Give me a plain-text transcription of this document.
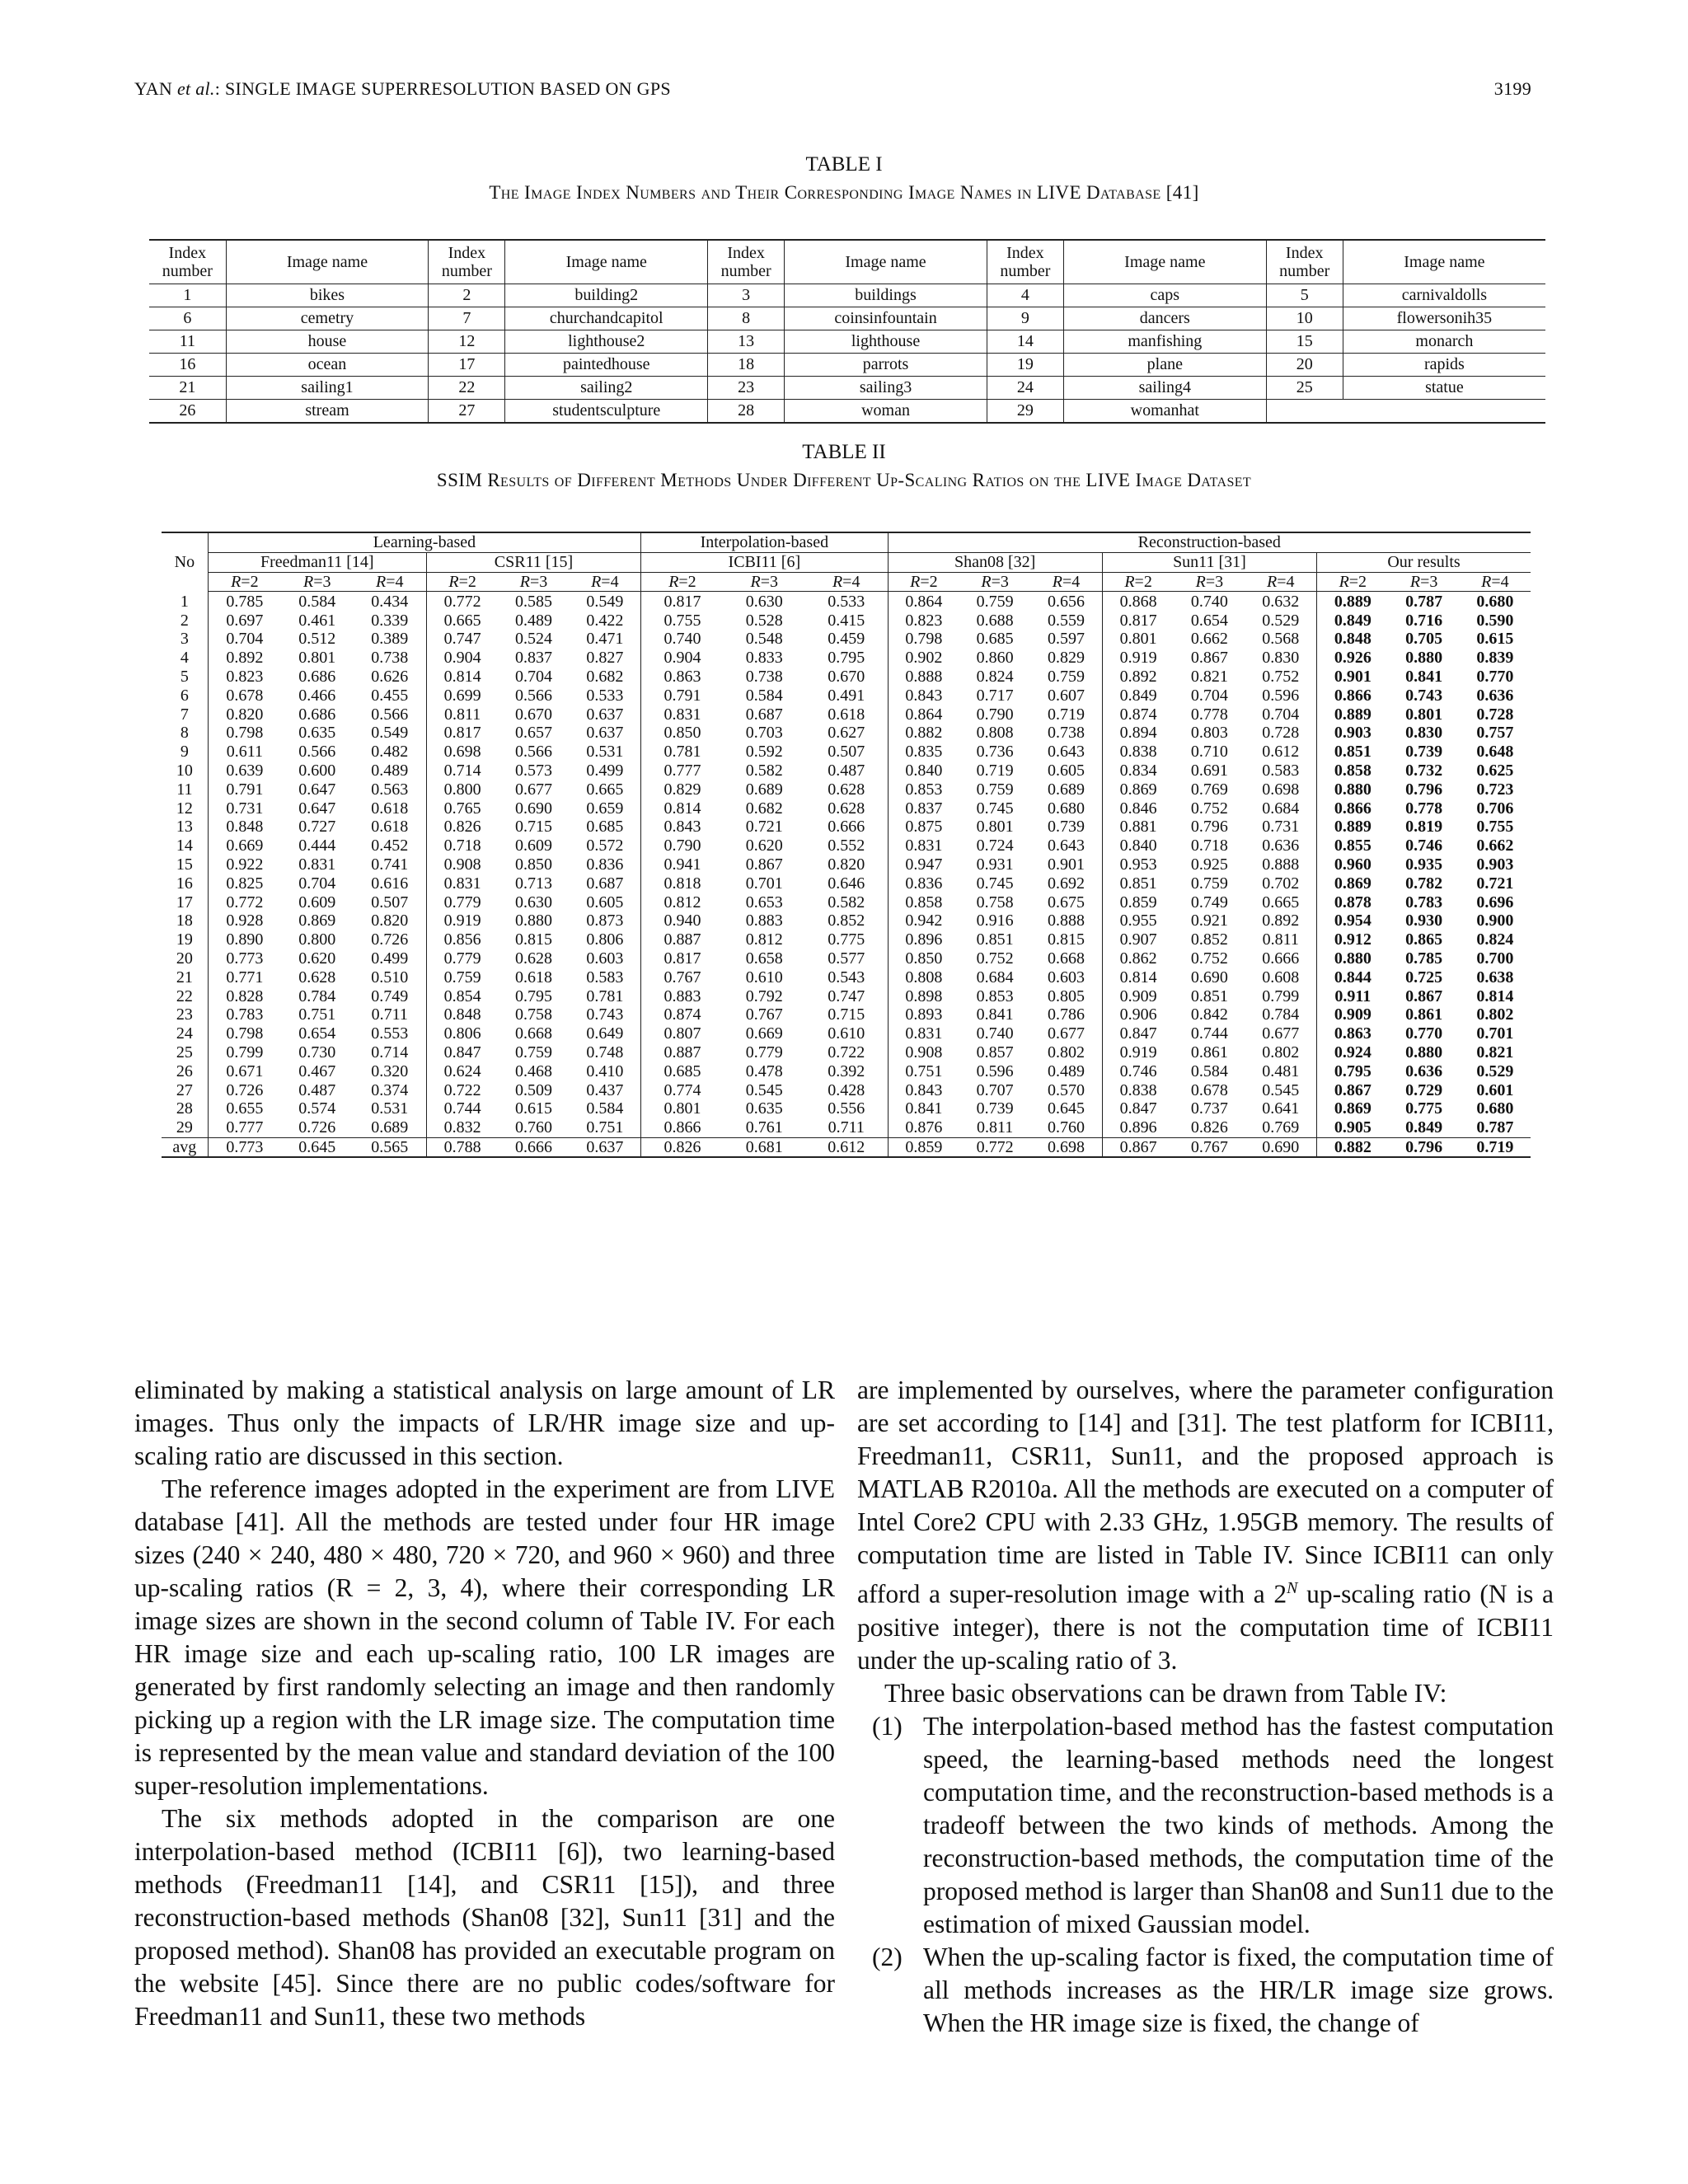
YAN et al.: SINGLE IMAGE SUPERRESOLUTION BASED ON GPS	3199
TABLE I
The Image Index Numbers and Their Corresponding Image Names in LIVE Database [41]
Index number	Image name	Index number	Image name	Index number	Image name	Index number	Image name	Index number	Image name
1	bikes	2	building2	3	buildings	4	caps	5	carnivaldolls
6	cemetry	7	churchandcapitol	8	coinsinfountain	9	dancers	10	flowersonih35
11	house	12	lighthouse2	13	lighthouse	14	manfishing	15	monarch
16	ocean	17	paintedhouse	18	parrots	19	plane	20	rapids
21	sailing1	22	sailing2	23	sailing3	24	sailing4	25	statue
26	stream	27	studentsculpture	28	woman	29	womanhat		
TABLE II
SSIM Results of Different Methods Under Different Up-Scaling Ratios on the LIVE Image Dataset
No	Learning-based						Interpolation-based			Reconstruction-based								
	Freedman11 [14]			CSR11 [15]			ICBI11 [6]			Shan08 [32]			Sun11 [31]			Our results		
	R=2	R=3	R=4	R=2	R=3	R=4	R=2	R=3	R=4	R=2	R=3	R=4	R=2	R=3	R=4	R=2	R=3	R=4
1	0.785	0.584	0.434	0.772	0.585	0.549	0.817	0.630	0.533	0.864	0.759	0.656	0.868	0.740	0.632	0.889	0.787	0.680
2	0.697	0.461	0.339	0.665	0.489	0.422	0.755	0.528	0.415	0.823	0.688	0.559	0.817	0.654	0.529	0.849	0.716	0.590
3	0.704	0.512	0.389	0.747	0.524	0.471	0.740	0.548	0.459	0.798	0.685	0.597	0.801	0.662	0.568	0.848	0.705	0.615
4	0.892	0.801	0.738	0.904	0.837	0.827	0.904	0.833	0.795	0.902	0.860	0.829	0.919	0.867	0.830	0.926	0.880	0.839
5	0.823	0.686	0.626	0.814	0.704	0.682	0.863	0.738	0.670	0.888	0.824	0.759	0.892	0.821	0.752	0.901	0.841	0.770
6	0.678	0.466	0.455	0.699	0.566	0.533	0.791	0.584	0.491	0.843	0.717	0.607	0.849	0.704	0.596	0.866	0.743	0.636
7	0.820	0.686	0.566	0.811	0.670	0.637	0.831	0.687	0.618	0.864	0.790	0.719	0.874	0.778	0.704	0.889	0.801	0.728
8	0.798	0.635	0.549	0.817	0.657	0.637	0.850	0.703	0.627	0.882	0.808	0.738	0.894	0.803	0.728	0.903	0.830	0.757
9	0.611	0.566	0.482	0.698	0.566	0.531	0.781	0.592	0.507	0.835	0.736	0.643	0.838	0.710	0.612	0.851	0.739	0.648
10	0.639	0.600	0.489	0.714	0.573	0.499	0.777	0.582	0.487	0.840	0.719	0.605	0.834	0.691	0.583	0.858	0.732	0.625
11	0.791	0.647	0.563	0.800	0.677	0.665	0.829	0.689	0.628	0.853	0.759	0.689	0.869	0.769	0.698	0.880	0.796	0.723
12	0.731	0.647	0.618	0.765	0.690	0.659	0.814	0.682	0.628	0.837	0.745	0.680	0.846	0.752	0.684	0.866	0.778	0.706
13	0.848	0.727	0.618	0.826	0.715	0.685	0.843	0.721	0.666	0.875	0.801	0.739	0.881	0.796	0.731	0.889	0.819	0.755
14	0.669	0.444	0.452	0.718	0.609	0.572	0.790	0.620	0.552	0.831	0.724	0.643	0.840	0.718	0.636	0.855	0.746	0.662
15	0.922	0.831	0.741	0.908	0.850	0.836	0.941	0.867	0.820	0.947	0.931	0.901	0.953	0.925	0.888	0.960	0.935	0.903
16	0.825	0.704	0.616	0.831	0.713	0.687	0.818	0.701	0.646	0.836	0.745	0.692	0.851	0.759	0.702	0.869	0.782	0.721
17	0.772	0.609	0.507	0.779	0.630	0.605	0.812	0.653	0.582	0.858	0.758	0.675	0.859	0.749	0.665	0.878	0.783	0.696
18	0.928	0.869	0.820	0.919	0.880	0.873	0.940	0.883	0.852	0.942	0.916	0.888	0.955	0.921	0.892	0.954	0.930	0.900
19	0.890	0.800	0.726	0.856	0.815	0.806	0.887	0.812	0.775	0.896	0.851	0.815	0.907	0.852	0.811	0.912	0.865	0.824
20	0.773	0.620	0.499	0.779	0.628	0.603	0.817	0.658	0.577	0.850	0.752	0.668	0.862	0.752	0.666	0.880	0.785	0.700
21	0.771	0.628	0.510	0.759	0.618	0.583	0.767	0.610	0.543	0.808	0.684	0.603	0.814	0.690	0.608	0.844	0.725	0.638
22	0.828	0.784	0.749	0.854	0.795	0.781	0.883	0.792	0.747	0.898	0.853	0.805	0.909	0.851	0.799	0.911	0.867	0.814
23	0.783	0.751	0.711	0.848	0.758	0.743	0.874	0.767	0.715	0.893	0.841	0.786	0.906	0.842	0.784	0.909	0.861	0.802
24	0.798	0.654	0.553	0.806	0.668	0.649	0.807	0.669	0.610	0.831	0.740	0.677	0.847	0.744	0.677	0.863	0.770	0.701
25	0.799	0.730	0.714	0.847	0.759	0.748	0.887	0.779	0.722	0.908	0.857	0.802	0.919	0.861	0.802	0.924	0.880	0.821
26	0.671	0.467	0.320	0.624	0.468	0.410	0.685	0.478	0.392	0.751	0.596	0.489	0.746	0.584	0.481	0.795	0.636	0.529
27	0.726	0.487	0.374	0.722	0.509	0.437	0.774	0.545	0.428	0.843	0.707	0.570	0.838	0.678	0.545	0.867	0.729	0.601
28	0.655	0.574	0.531	0.744	0.615	0.584	0.801	0.635	0.556	0.841	0.739	0.645	0.847	0.737	0.641	0.869	0.775	0.680
29	0.777	0.726	0.689	0.832	0.760	0.751	0.866	0.761	0.711	0.876	0.811	0.760	0.896	0.826	0.769	0.905	0.849	0.787
avg	0.773	0.645	0.565	0.788	0.666	0.637	0.826	0.681	0.612	0.859	0.772	0.698	0.867	0.767	0.690	0.882	0.796	0.719

eliminated by making a statistical analysis on large amount of LR images. Thus only the impacts of LR/HR image size and up-scaling ratio are discussed in this section.

The reference images adopted in the experiment are from LIVE database [41]. All the methods are tested under four HR image sizes (240 × 240, 480 × 480, 720 × 720, and 960 × 960) and three up-scaling ratios (R = 2, 3, 4), where their corresponding LR image sizes are shown in the second column of Table IV. For each HR image size and each up-scaling ratio, 100 LR images are generated by first randomly selecting an image and then randomly picking up a region with the LR image size. The computation time is represented by the mean value and standard deviation of the 100 super-resolution implementations.

The six methods adopted in the comparison are one interpolation-based method (ICBI11 [6]), two learning-based methods (Freedman11 [14], and CSR11 [15]), and three reconstruction-based methods (Shan08 [32], Sun11 [31] and the proposed method). Shan08 has provided an executable program on the website [45]. Since there are no public codes/software for Freedman11 and Sun11, these two methods

are implemented by ourselves, where the parameter configuration are set according to [14] and [31]. The test platform for ICBI11, Freedman11, CSR11, Sun11, and the proposed approach is MATLAB R2010a. All the methods are executed on a computer of Intel Core2 CPU with 2.33 GHz, 1.95GB memory. The results of computation time are listed in Table IV. Since ICBI11 can only afford a super-resolution image with a $2^N$ up-scaling ratio (N is a positive integer), there is not the computation time of ICBI11 under the up-scaling ratio of 3.

Three basic observations can be drawn from Table IV:

(1) The interpolation-based method has the fastest computation speed, the learning-based methods need the longest computation time, and the reconstruction-based methods is a tradeoff between the two kinds of methods. Among the reconstruction-based methods, the computation time of the proposed method is larger than Shan08 and Sun11 due to the estimation of mixed Gaussian model.
(2) When the up-scaling factor is fixed, the computation time of all methods increases as the HR/LR image size grows. When the HR image size is fixed, the change of
